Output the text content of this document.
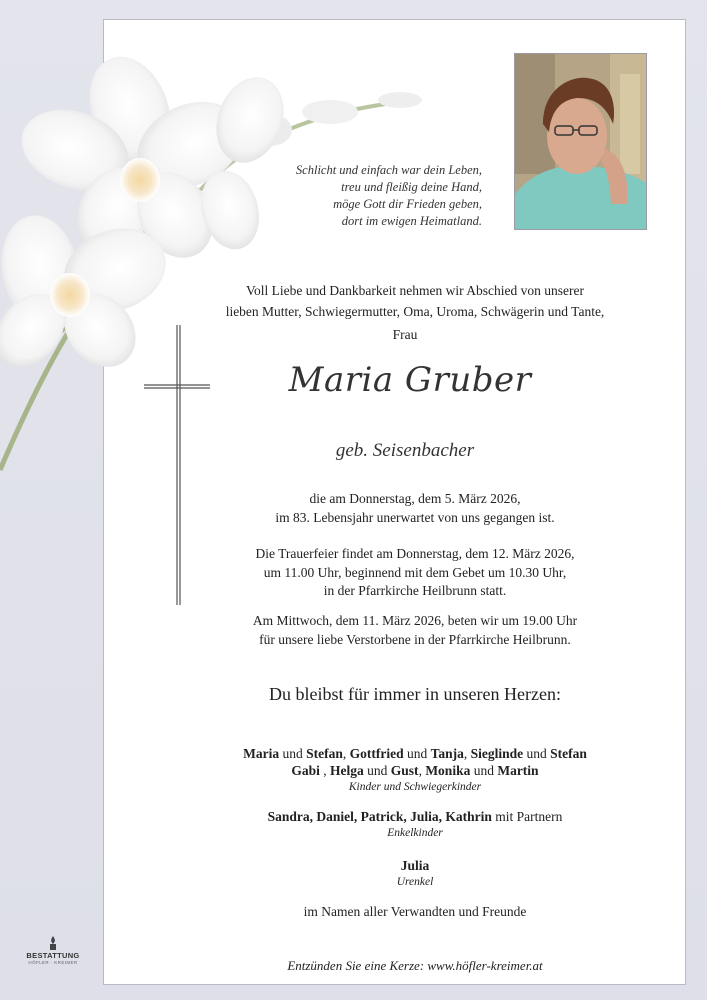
Schlicht und einfach war dein Leben,
treu und fleißig deine Hand,
möge Gott dir Frieden geben,
dort im ewigen Heimatland.
Voll Liebe und Dankbarkeit nehmen wir Abschied von unserer
lieben Mutter, Schwiegermutter, Oma, Uroma, Schwägerin und Tante,
Frau
Maria Gruber
geb. Seisenbacher
die am Donnerstag, dem 5. März 2026,
im 83. Lebensjahr unerwartet von uns gegangen ist.
Die Trauerfeier findet am Donnerstag, dem 12. März 2026,
um 11.00 Uhr, beginnend mit dem Gebet um 10.30 Uhr,
in der Pfarrkirche Heilbrunn statt.
Am Mittwoch, dem 11. März 2026, beten wir um 19.00 Uhr
für unsere liebe Verstorbene in der Pfarrkirche Heilbrunn.
Du bleibst für immer in unseren Herzen:
Maria und Stefan, Gottfried und Tanja, Sieglinde und Stefan
Gabi , Helga und Gust, Monika und Martin
Kinder und Schwiegerkinder
Sandra, Daniel, Patrick, Julia, Kathrin mit Partnern
Enkelkinder
Julia
Urenkel
im Namen aller Verwandten und Freunde
Entzünden Sie eine Kerze: www.höfler-kreimer.at
BESTATTUNG
HÖFLER · KREIMER
